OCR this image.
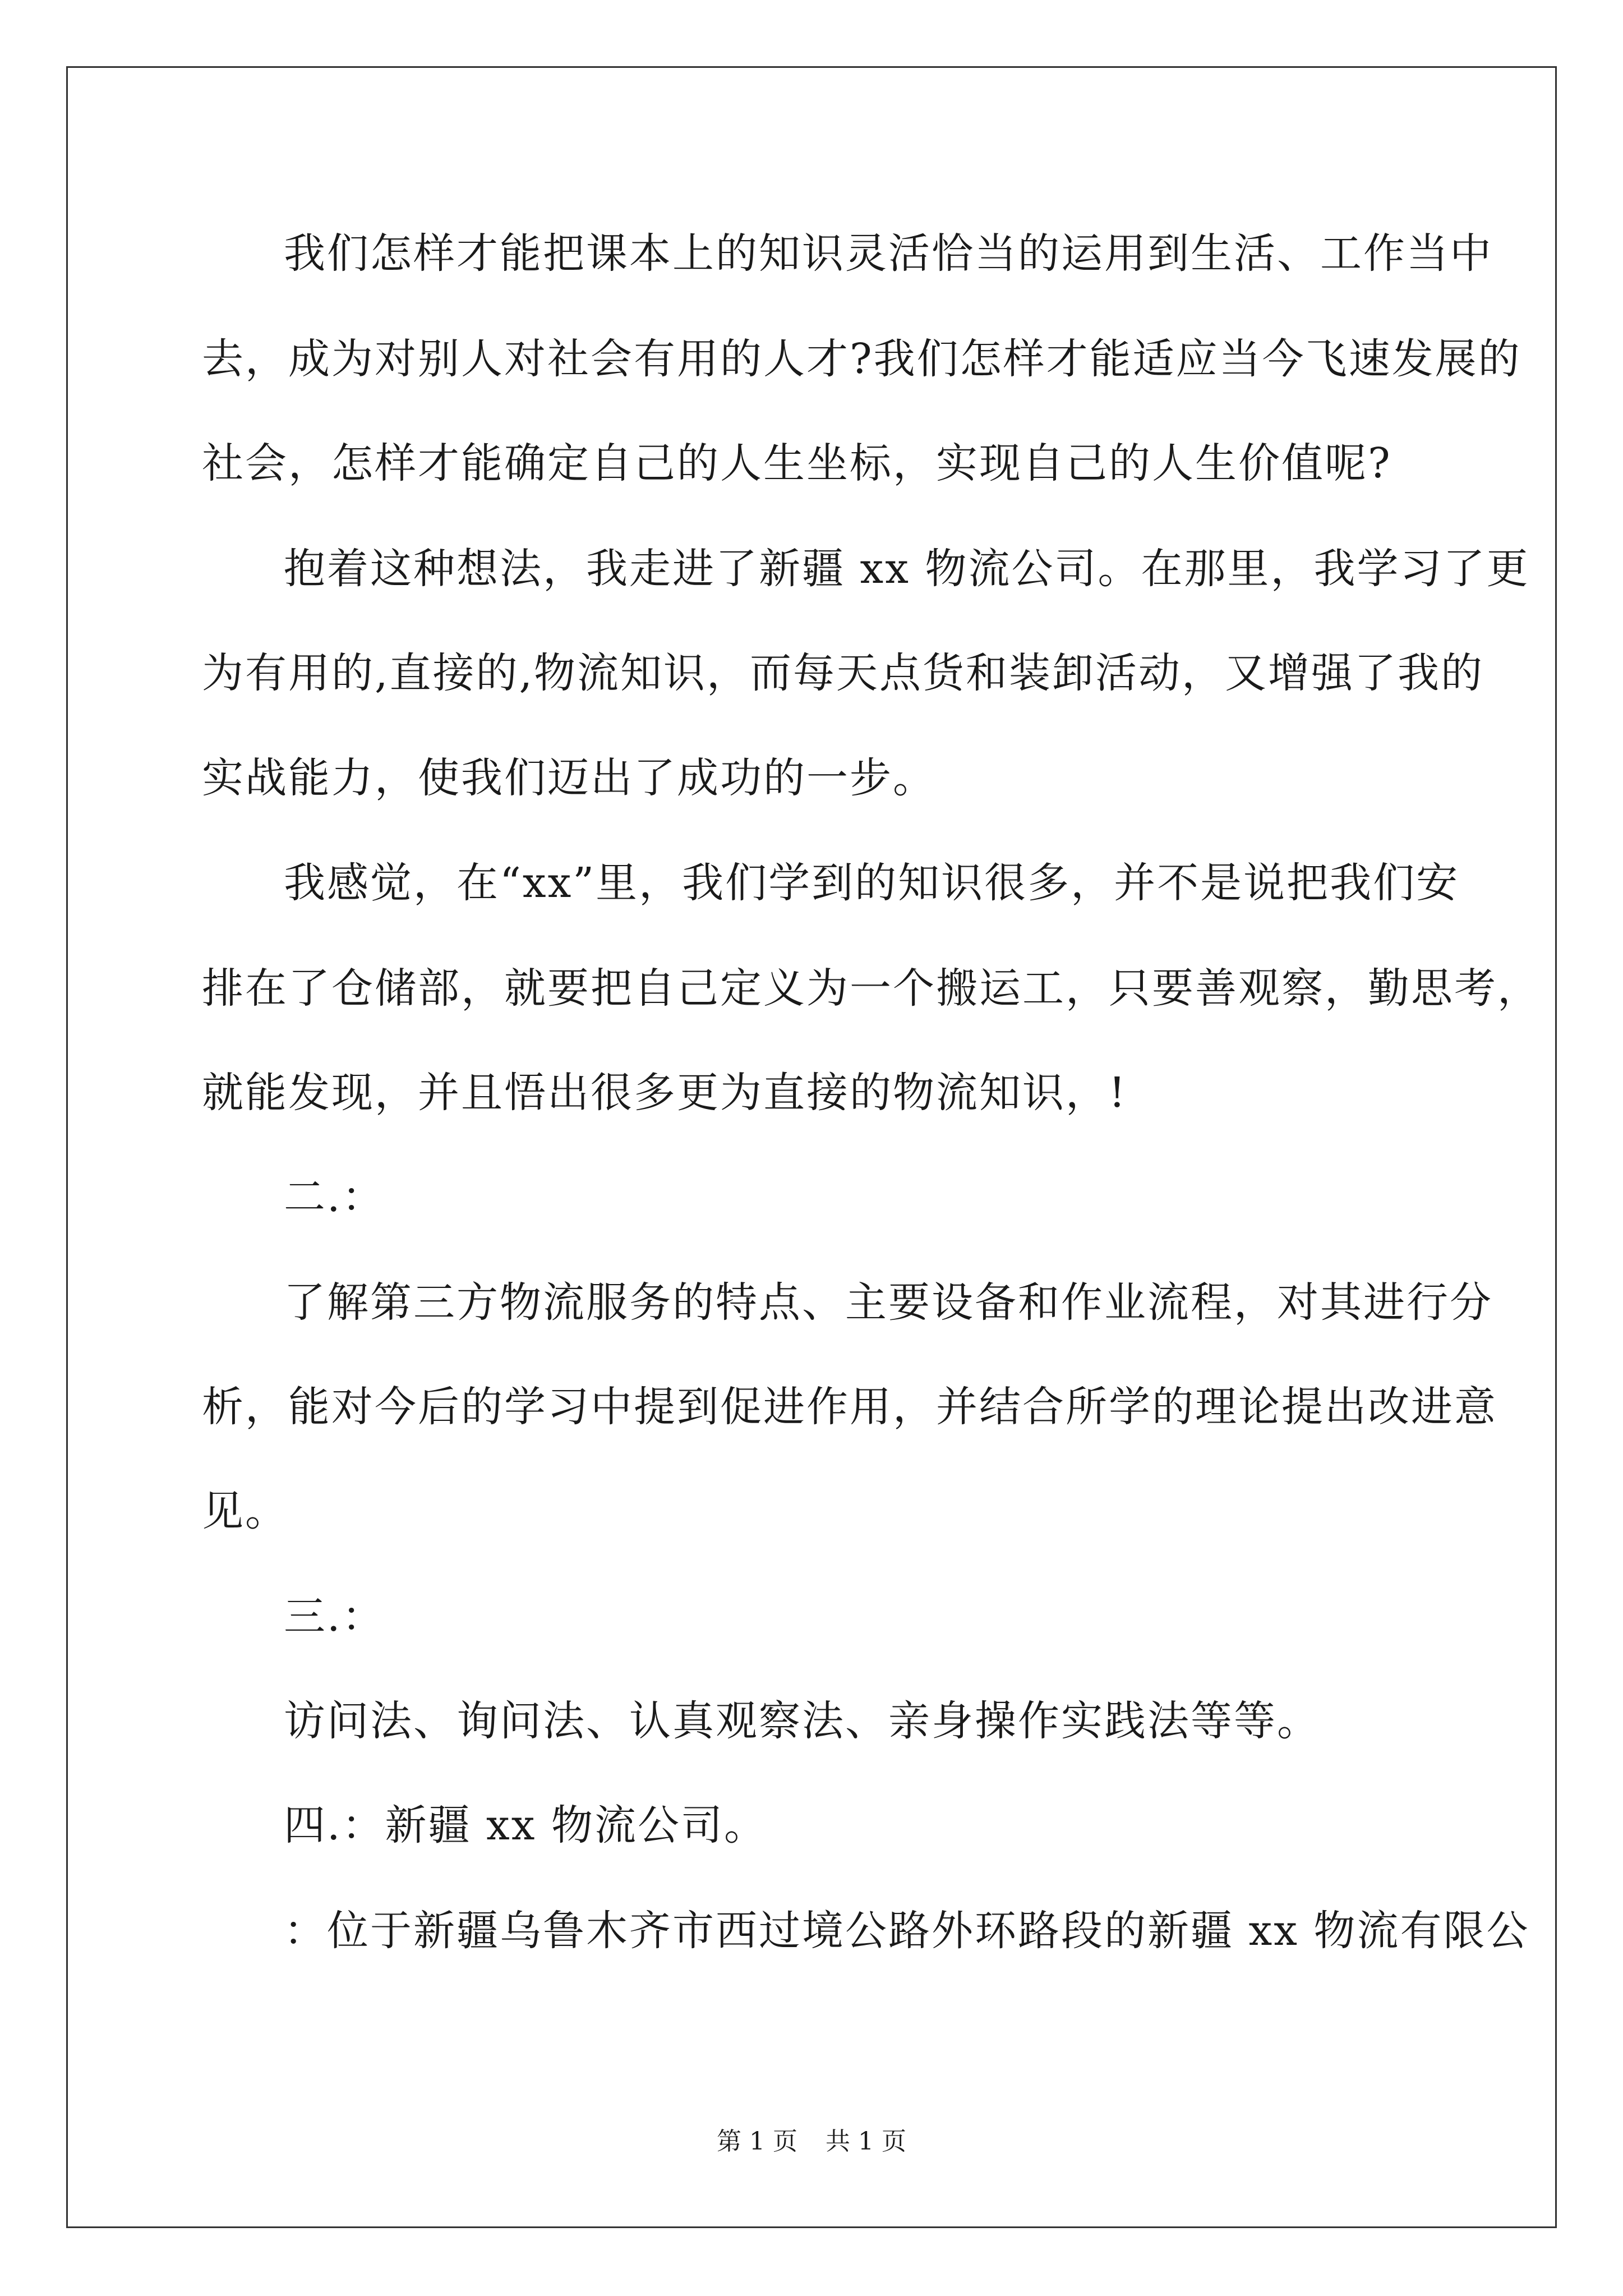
我们怎样才能把课本上的知识灵活恰当的运用到生活、工作当中
去，成为对别人对社会有用的人才?我们怎样才能适应当今飞速发展的
社会，怎样才能确定自己的人生坐标，实现自己的人生价值呢?
抱着这种想法，我走进了新疆 xx 物流公司。在那里，我学习了更
为有用的,直接的,物流知识，而每天点货和装卸活动，又增强了我的
实战能力，使我们迈出了成功的一步。
我感觉，在“xx”里，我们学到的知识很多，并不是说把我们安
排在了仓储部，就要把自己定义为一个搬运工，只要善观察，勤思考，
就能发现，并且悟出很多更为直接的物流知识，!
二.：
了解第三方物流服务的特点、主要设备和作业流程，对其进行分
析，能对今后的学习中提到促进作用，并结合所学的理论提出改进意
见。
三.：
访问法、询问法、认真观察法、亲身操作实践法等等。
四.：新疆 xx 物流公司。
：位于新疆乌鲁木齐市西过境公路外环路段的新疆 xx 物流有限公
第 1 页 共 1 页
